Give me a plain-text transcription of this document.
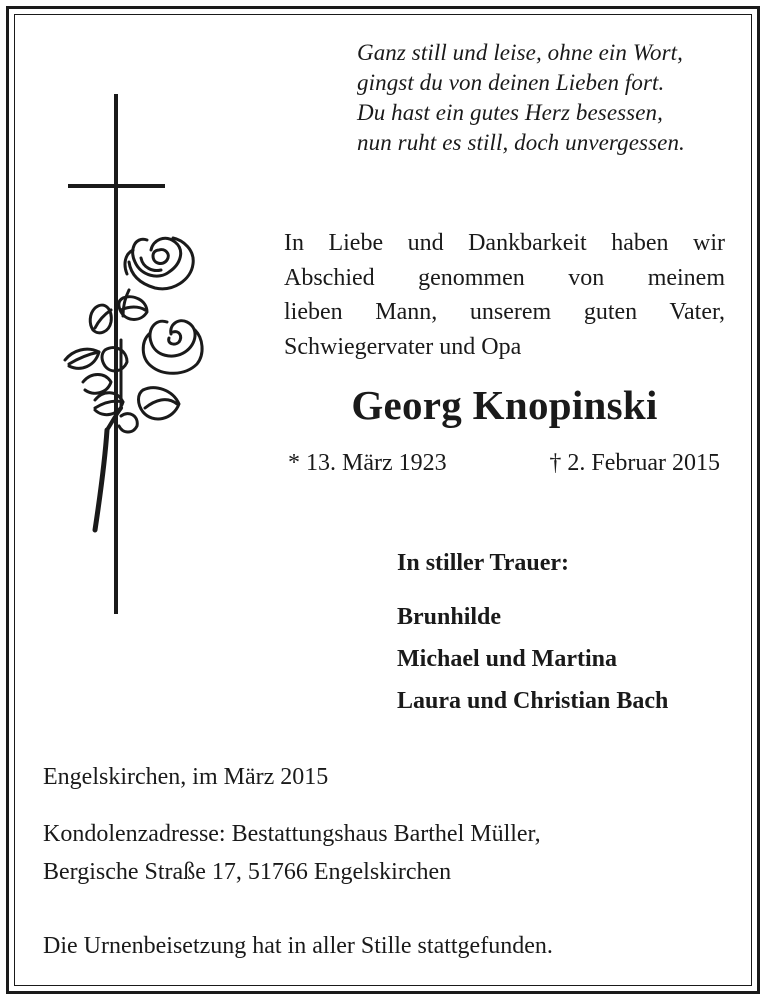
Ganz still und leise, ohne ein Wort,
gingst du von deinen Lieben fort.
Du hast ein gutes Herz besessen,
nun ruht es still, doch unvergessen.
In Liebe und Dankbarkeit haben wir
Abschied genommen von meinem
lieben Mann, unserem guten Vater,
Schwiegervater und Opa
Georg Knopinski
* 13. März 1923	† 2. Februar 2015
In stiller Trauer:
Brunhilde
Michael und Martina
Laura und Christian Bach
Engelskirchen, im März 2015
Kondolenzadresse: Bestattungshaus Barthel Müller,
Bergische Straße 17, 51766 Engelskirchen
Die Urnenbeisetzung hat in aller Stille stattgefunden.
